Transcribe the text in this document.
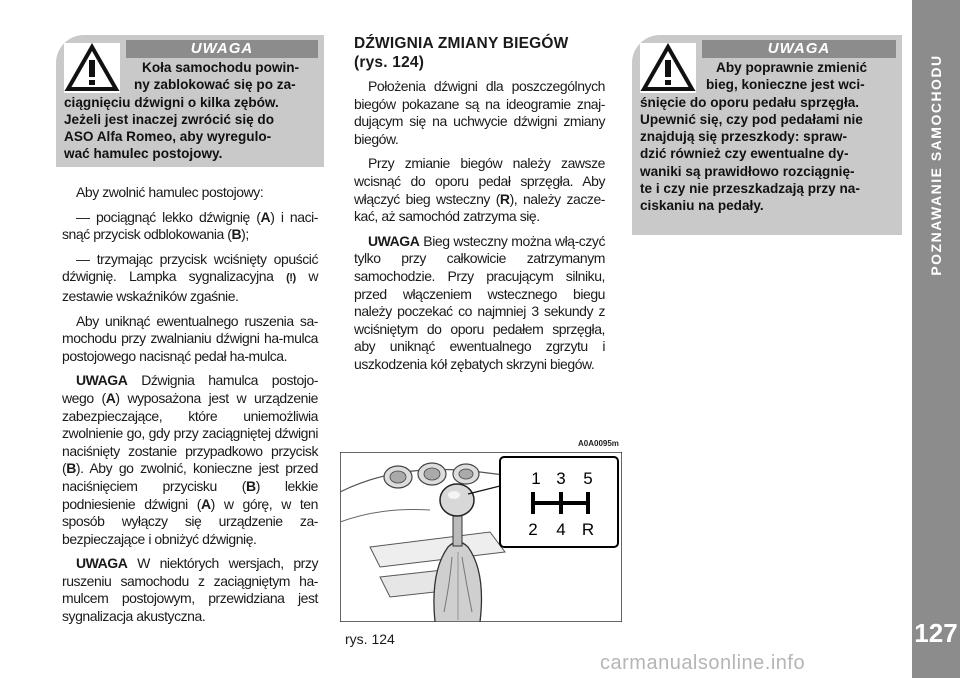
POZNAWANIE SAMOCHODU
127
UWAGA
Koła samochodu powin-
ny zablokować się po za-
ciągnięciu dźwigni o kilka zębów.
Jeżeli jest inaczej zwrócić się do
ASO Alfa Romeo, aby wyregulo-
wać hamulec postojowy.
UWAGA
Aby poprawnie zmienić
bieg, konieczne jest wci-
śnięcie do oporu pedału sprzęgła.
Upewnić się, czy pod pedałami nie
znajdują się przeszkody: spraw-
dzić również czy ewentualne dy-
waniki są prawidłowo rozciągnię-
te i czy nie przeszkadzają przy na-
ciskaniu na pedały.

Aby zwolnić hamulec postojowy:

— pociągnąć lekko dźwignię (A) i naci-snąć przycisk odblokowania (B);

— trzymając przycisk wciśnięty opuścić dźwignię. Lampka sygnalizacyjna (!) w zestawie wskaźników zgaśnie.

Aby uniknąć ewentualnego ruszenia sa-mochodu przy zwalnianiu dźwigni ha-mulca postojowego nacisnąć pedał ha-mulca.

UWAGA Dźwignia hamulca postojo-wego (A) wyposażona jest w urządzenie zabezpieczające, które uniemożliwia zwolnienie go, gdy przy zaciągniętej dźwigni naciśnięty zostanie przypadkowo przycisk (B). Aby go zwolnić, konieczne jest przed naciśnięciem przycisku (B) lekkie podniesienie dźwigni (A) w górę, w ten sposób wyłączy się urządzenie za-bezpieczające i obniżyć dźwignię.

UWAGA W niektórych wersjach, przy ruszeniu samochodu z zaciągniętym ha-mulcem postojowym, przewidziana jest sygnalizacja akustyczna.

DŹWIGNIA ZMIANY BIEGÓW
(rys. 124)

Położenia dźwigni dla poszczególnych biegów pokazane są na ideogramie znaj-dującym się na uchwycie dźwigni zmiany biegów.

Przy zmianie biegów należy zawsze wcisnąć do oporu pedał sprzęgła. Aby włączyć bieg wsteczny (R), należy zacze-kać, aż samochód zatrzyma się.

UWAGA Bieg wsteczny można włą-czyć tylko przy całkowicie zatrzymanym samochodzie. Przy pracującym silniku, przed włączeniem wstecznego biegu należy poczekać co najmniej 3 sekundy z wciśniętym do oporu pedałem sprzęgła, aby uniknąć ewentualnego zgrzytu i uszkodzenia kół zębatych skrzyni biegów.

A0A0095m
1 3 5
2 4 R
rys. 124
carmanualsonline.info
